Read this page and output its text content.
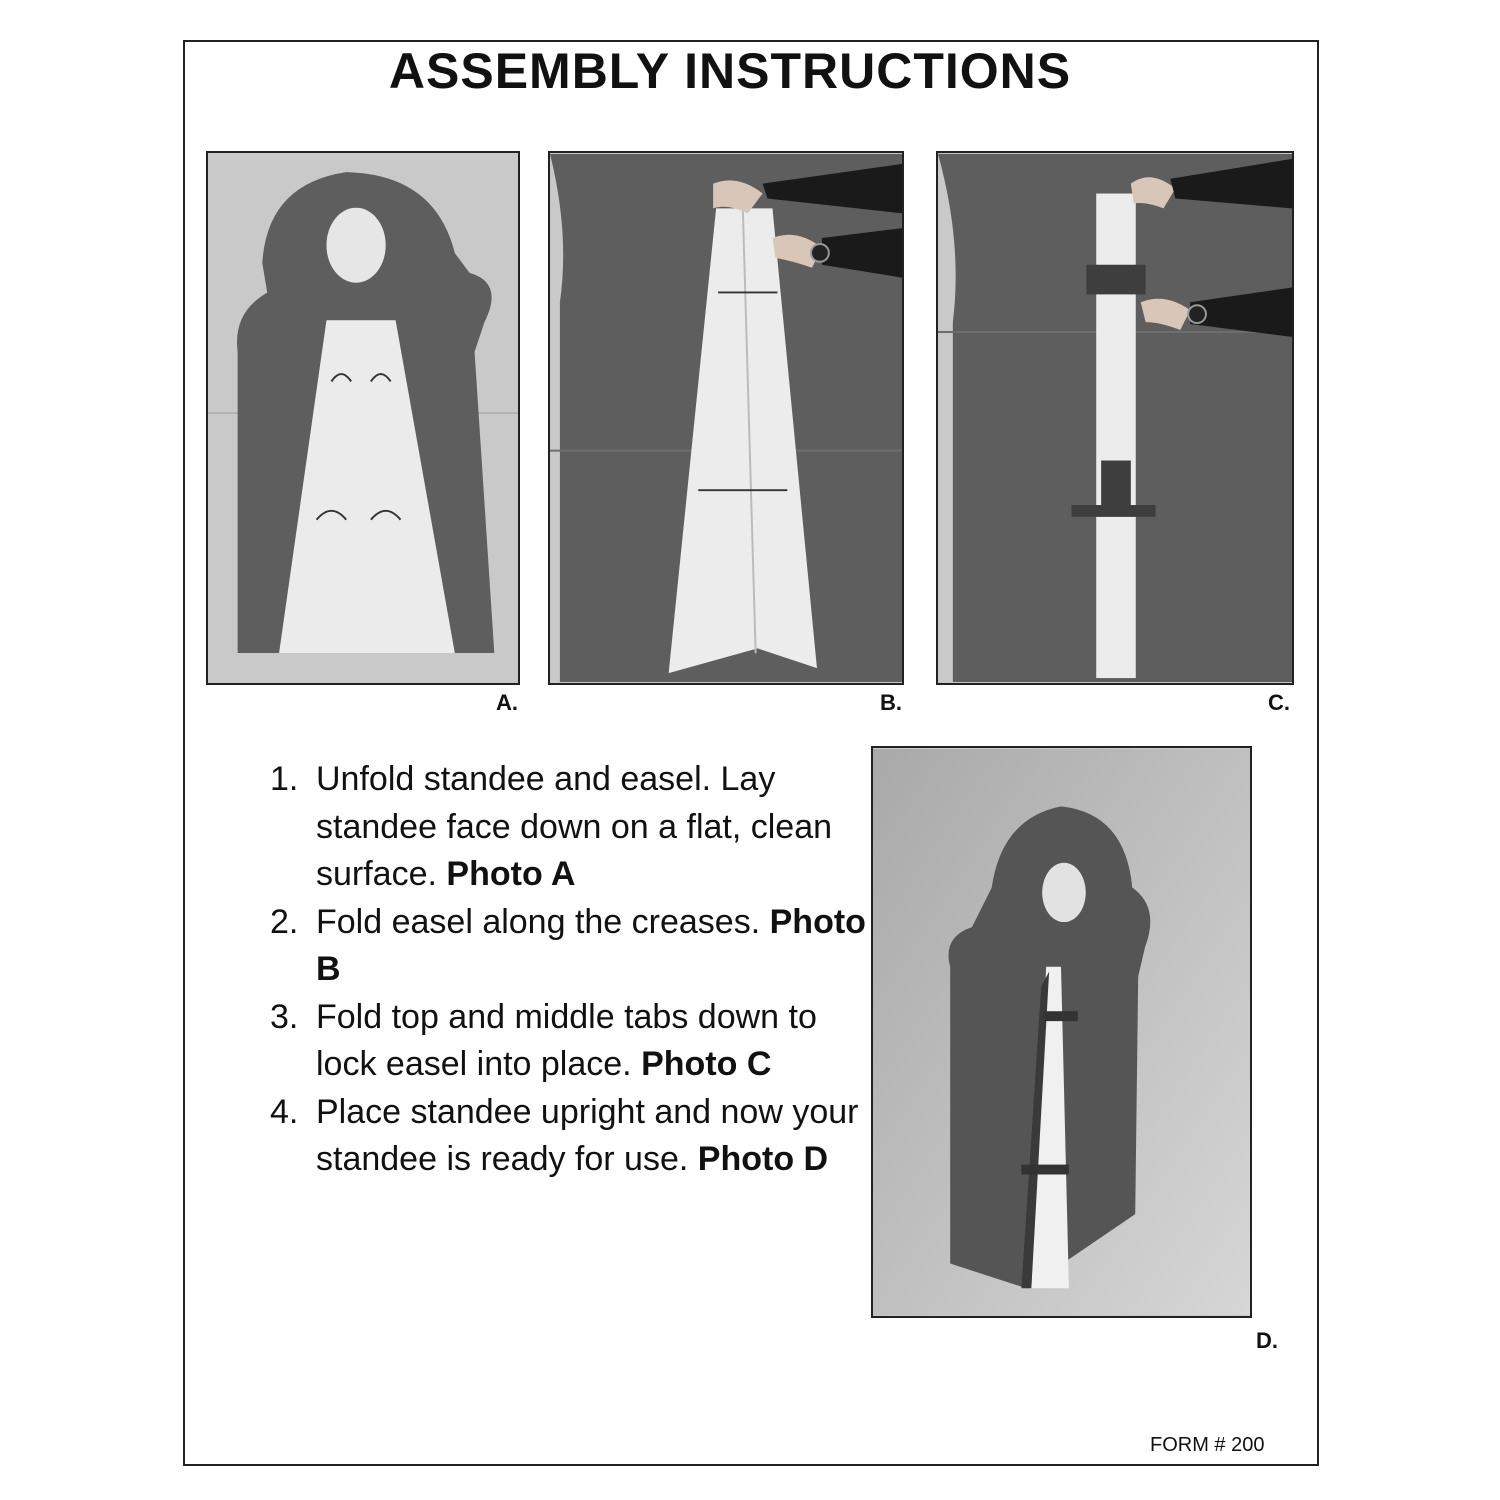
ASSEMBLY INSTRUCTIONS
A.	B.	C.
1. Unfold standee and easel. Lay standee face down on a flat, clean surface. Photo A
2. Fold easel along the creases. Photo B
3. Fold top and middle tabs down to lock easel into place. Photo C
4. Place standee upright and now your standee is ready for use. Photo D
D.
FORM # 200
